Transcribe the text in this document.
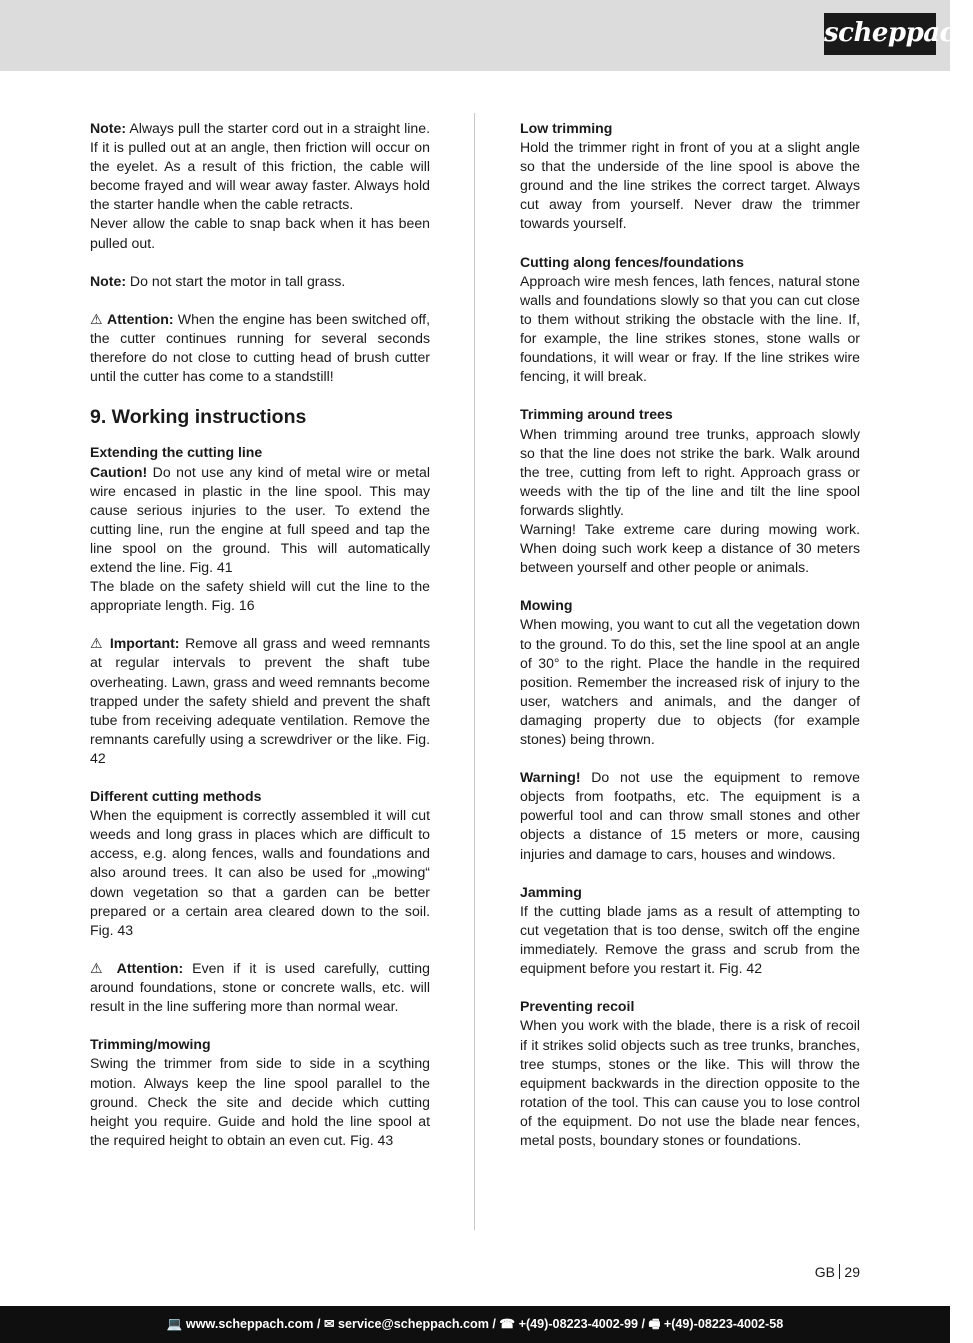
scheppach

Note: Always pull the starter cord out in a straight line. If it is pulled out at an angle, then friction will occur on the eyelet. As a result of this friction, the cable will become frayed and will wear away faster. Always hold the starter handle when the cable retracts.

Never allow the cable to snap back when it has been pulled out.

Note: Do not start the motor in tall grass.

⚠ Attention: When the engine has been switched off, the cutter continues running for several seconds therefore do not close to cutting head of brush cutter until the cutter has come to a standstill!

9. Working instructions

Extending the cutting line

Caution! Do not use any kind of metal wire or metal wire encased in plastic in the line spool. This may cause serious injuries to the user. To extend the cutting line, run the engine at full speed and tap the line spool on the ground. This will automatically extend the line. Fig. 41

The blade on the safety shield will cut the line to the appropriate length. Fig. 16

⚠ Important: Remove all grass and weed remnants at regular intervals to prevent the shaft tube overheating. Lawn, grass and weed remnants become trapped under the safety shield and prevent the shaft tube from receiving adequate ventilation. Remove the remnants carefully using a screwdriver or the like. Fig. 42

Different cutting methods

When the equipment is correctly assembled it will cut weeds and long grass in places which are difficult to access, e.g. along fences, walls and foundations and also around trees. It can also be used for „mowing“ down vegetation so that a garden can be better prepared or a certain area cleared down to the soil. Fig. 43

⚠ Attention: Even if it is used carefully, cutting around foundations, stone or concrete walls, etc. will result in the line suffering more than normal wear.

Trimming/mowing

Swing the trimmer from side to side in a scything motion. Always keep the line spool parallel to the ground. Check the site and decide which cutting height you require. Guide and hold the line spool at the required height to obtain an even cut. Fig. 43

Low trimming

Hold the trimmer right in front of you at a slight angle so that the underside of the line spool is above the ground and the line strikes the correct target. Always cut away from yourself. Never draw the trimmer towards yourself.

Cutting along fences/foundations

Approach wire mesh fences, lath fences, natural stone walls and foundations slowly so that you can cut close to them without striking the obstacle with the line. If, for example, the line strikes stones, stone walls or foundations, it will wear or fray. If the line strikes wire fencing, it will break.

Trimming around trees

When trimming around tree trunks, approach slowly so that the line does not strike the bark. Walk around the tree, cutting from left to right. Approach grass or weeds with the tip of the line and tilt the line spool forwards slightly.

Warning! Take extreme care during mowing work. When doing such work keep a distance of 30 meters between yourself and other people or animals.

Mowing

When mowing, you want to cut all the vegetation down to the ground. To do this, set the line spool at an angle of 30° to the right. Place the handle in the required position. Remember the increased risk of injury to the user, watchers and animals, and the danger of damaging property due to objects (for example stones) being thrown.

Warning! Do not use the equipment to remove objects from footpaths, etc. The equipment is a powerful tool and can throw small stones and other objects a distance of 15 meters or more, causing injuries and damage to cars, houses and windows.

Jamming

If the cutting blade jams as a result of attempting to cut vegetation that is too dense, switch off the engine immediately. Remove the grass and scrub from the equipment before you restart it. Fig. 42

Preventing recoil

When you work with the blade, there is a risk of recoil if it strikes solid objects such as tree trunks, branches, tree stumps, stones or the like. This will throw the equipment backwards in the direction opposite to the rotation of the tool. This can cause you to lose control of the equipment. Do not use the blade near fences, metal posts, boundary stones or foundations.

GB 29
💻 www.scheppach.com / ✉ service@scheppach.com / ☎ +(49)-08223-4002-99 / 🖷 +(49)-08223-4002-58
